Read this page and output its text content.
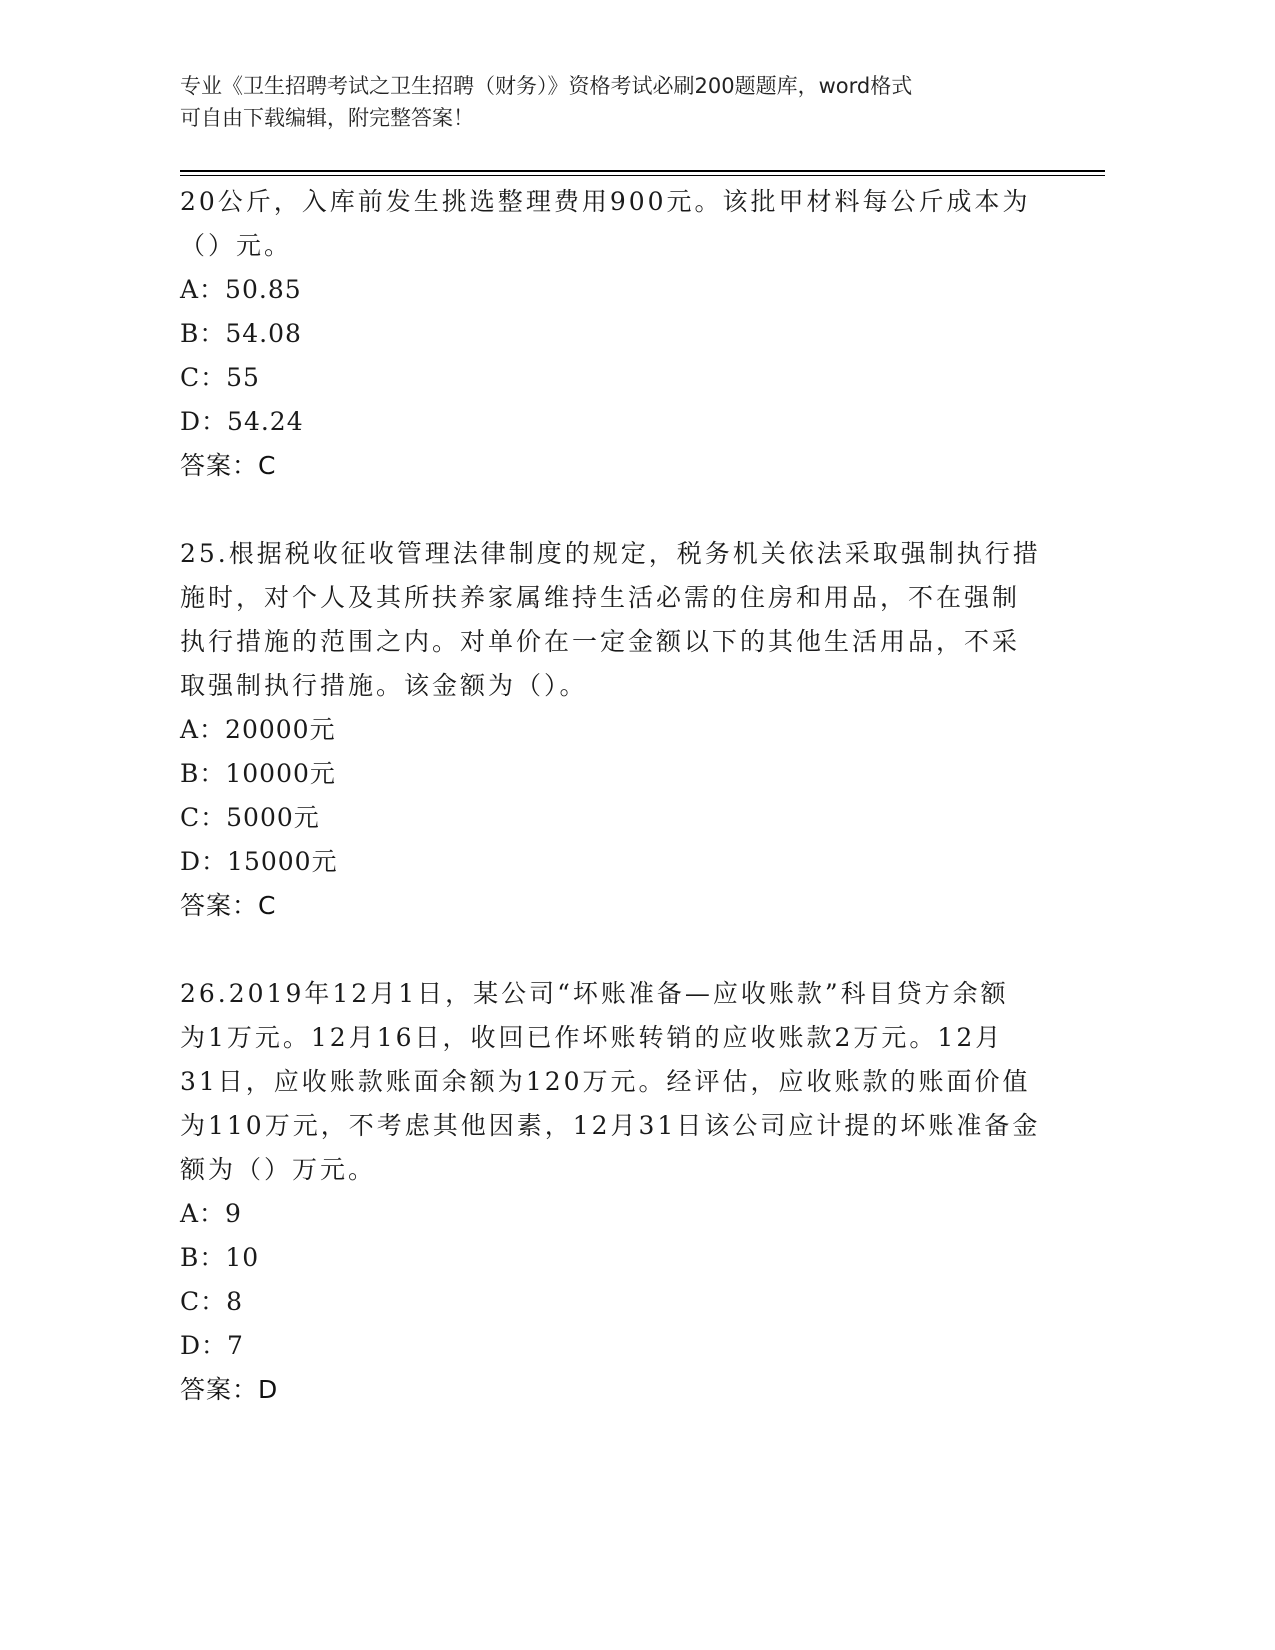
专业《卫生招聘考试之卫生招聘（财务）》资格考试必刷200题题库，word格式
可自由下载编辑，附完整答案！
20公斤，入库前发生挑选整理费用900元。该批甲材料每公斤成本为
（）元。
A：50.85
B：54.08
C：55
D：54.24
答案：C
25.根据税收征收管理法律制度的规定，税务机关依法采取强制执行措
施时，对个人及其所扶养家属维持生活必需的住房和用品，不在强制
执行措施的范围之内。对单价在一定金额以下的其他生活用品，不采
取强制执行措施。该金额为（）。
A：20000元
B：10000元
C：5000元
D：15000元
答案：C
26.2019年12月1日，某公司“坏账准备—应收账款”科目贷方余额
为1万元。12月16日，收回已作坏账转销的应收账款2万元。12月
31日，应收账款账面余额为120万元。经评估，应收账款的账面价值
为110万元，不考虑其他因素，12月31日该公司应计提的坏账准备金
额为（）万元。
A：9
B：10
C：8
D：7
答案：D
